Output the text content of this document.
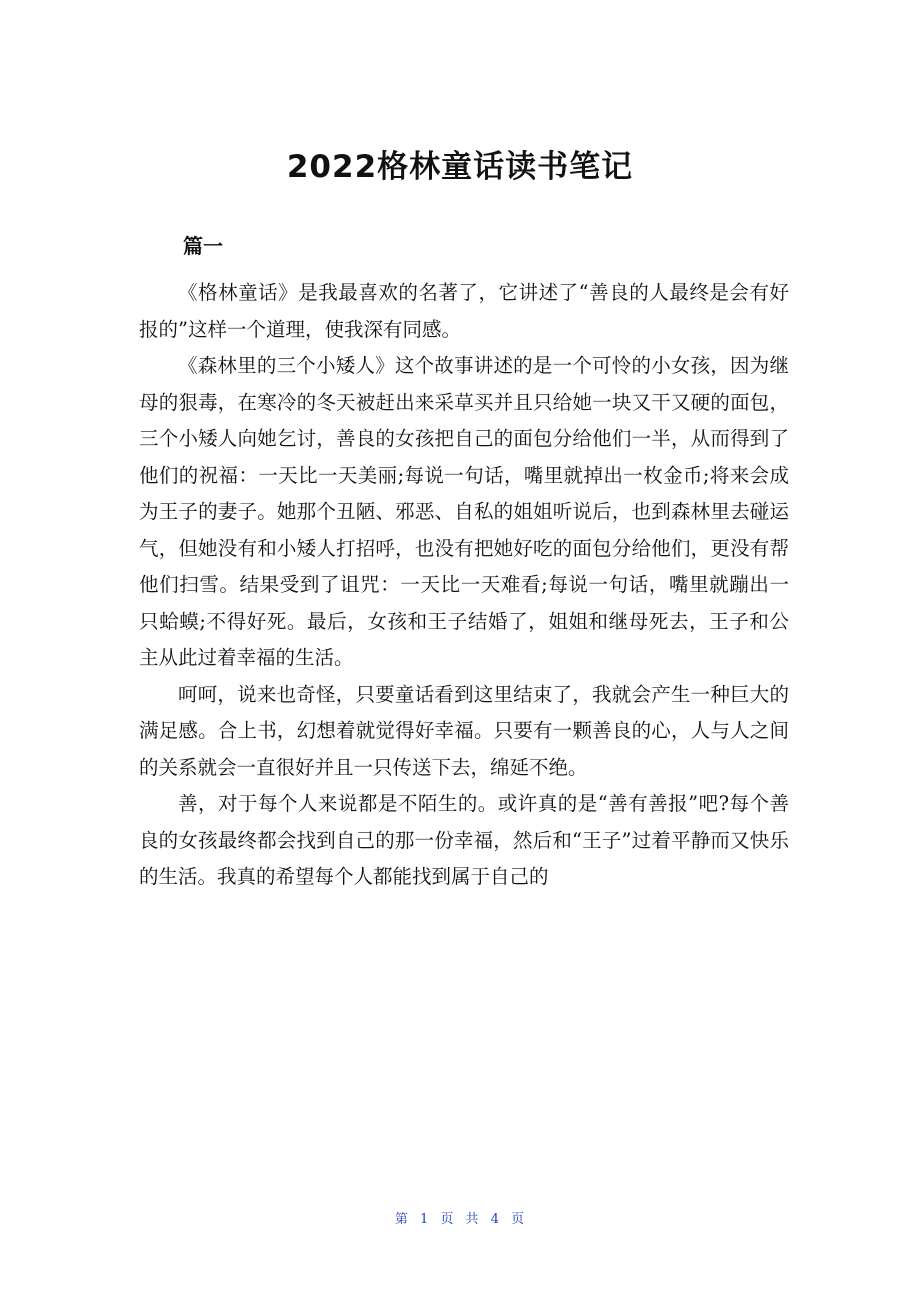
2022格林童话读书笔记
篇一

《格林童话》是我最喜欢的名著了，它讲述了“善良的人最终是会有好报的”这样一个道理，使我深有同感。

《森林里的三个小矮人》这个故事讲述的是一个可怜的小女孩，因为继母的狠毒，在寒冷的冬天被赶出来采草买并且只给她一块又干又硬的面包，三个小矮人向她乞讨，善良的女孩把自己的面包分给他们一半，从而得到了他们的祝福：一天比一天美丽;每说一句话，嘴里就掉出一枚金币;将来会成为王子的妻子。她那个丑陋、邪恶、自私的姐姐听说后，也到森林里去碰运气，但她没有和小矮人打招呼，也没有把她好吃的面包分给他们，更没有帮他们扫雪。结果受到了诅咒：一天比一天难看;每说一句话，嘴里就蹦出一只蛤蟆;不得好死。最后，女孩和王子结婚了，姐姐和继母死去，王子和公主从此过着幸福的生活。

呵呵，说来也奇怪，只要童话看到这里结束了，我就会产生一种巨大的满足感。合上书，幻想着就觉得好幸福。只要有一颗善良的心，人与人之间的关系就会一直很好并且一只传送下去，绵延不绝。

善，对于每个人来说都是不陌生的。或许真的是“善有善报”吧?每个善良的女孩最终都会找到自己的那一份幸福，然后和“王子”过着平静而又快乐的生活。我真的希望每个人都能找到属于自己的

第 1 页 共 4 页
